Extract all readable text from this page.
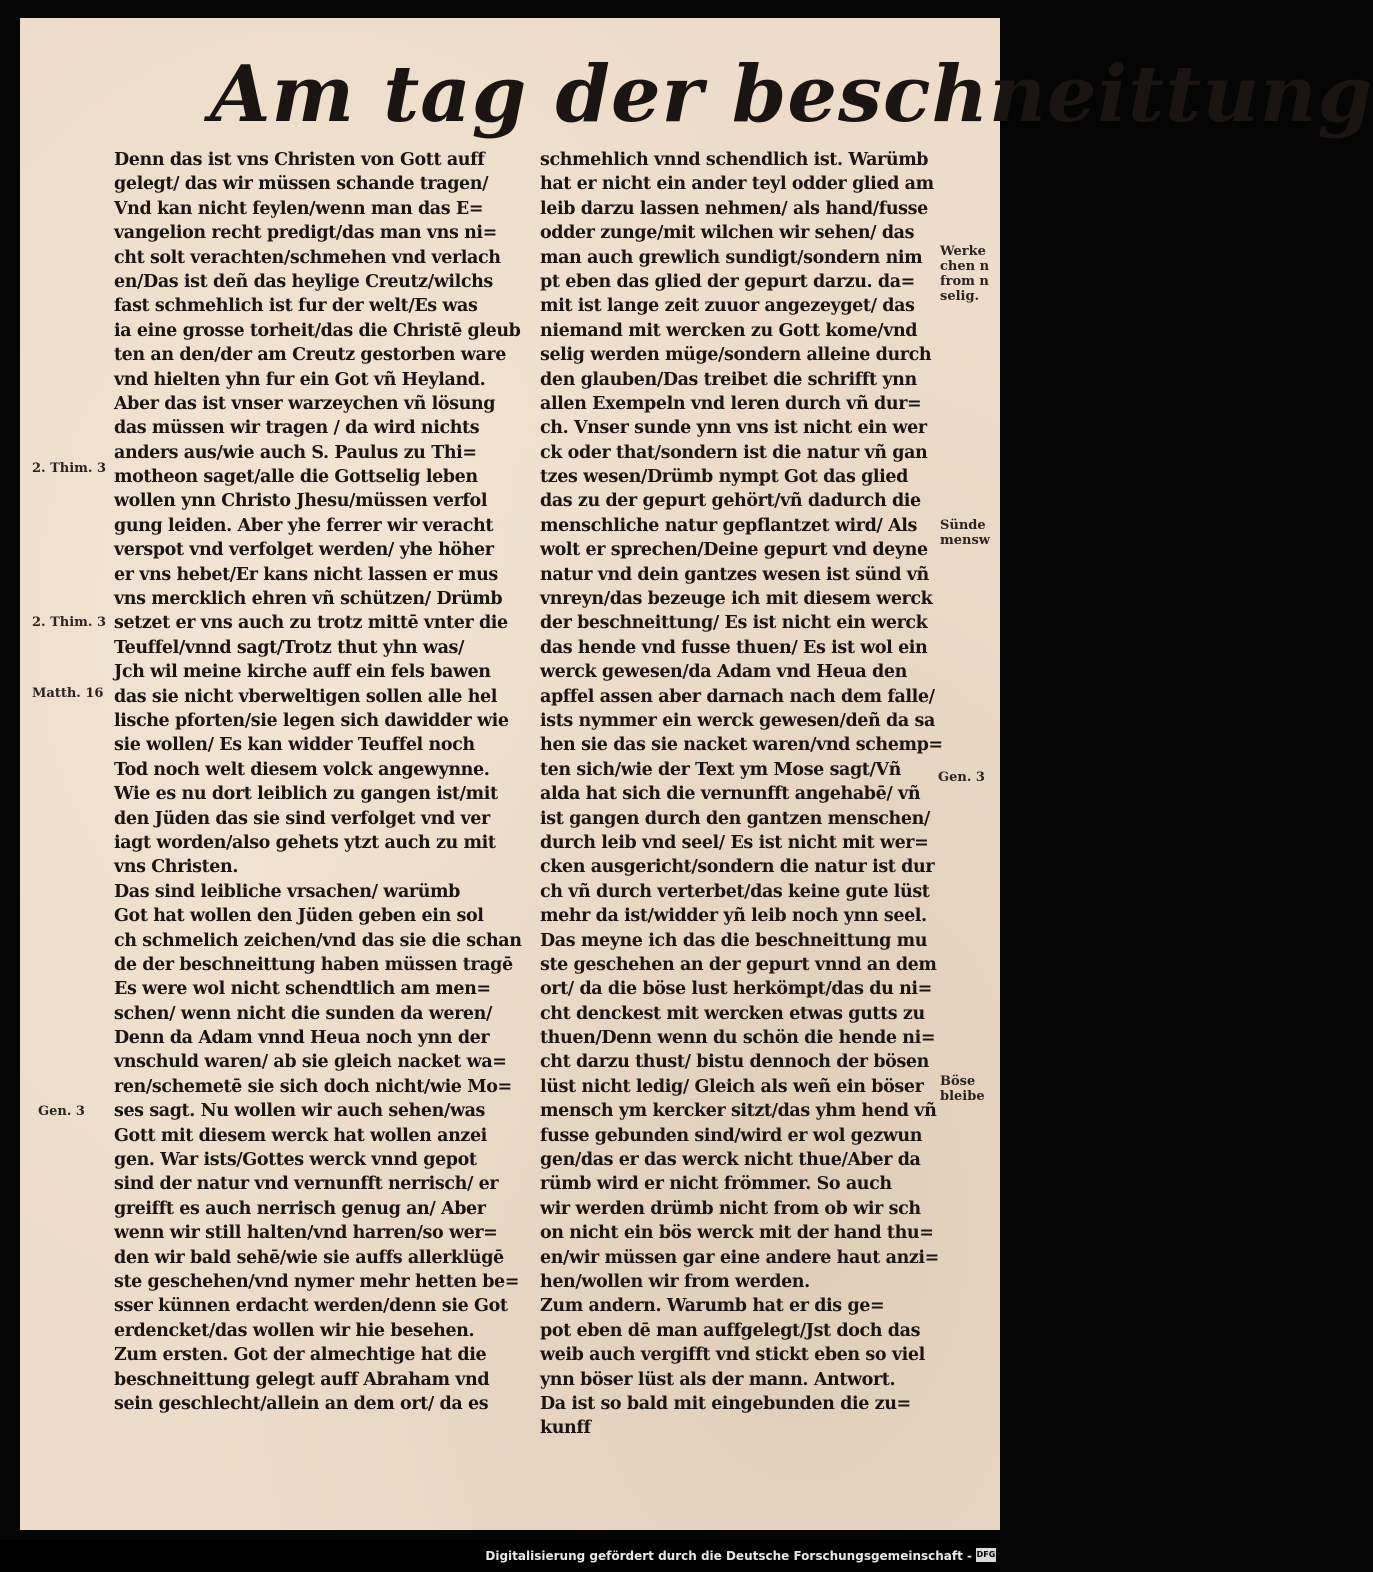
Am tag der beschneittung
Denn das ist vns Christen von Gott auff
gelegt/ das wir müssen schande tragen/
Vnd kan nicht feylen/wenn man das E=
vangelion recht predigt/das man vns ni=
cht solt verachten/schmehen vnd verlach
en/Das ist deñ das heylige Creutz/wilchs
fast schmehlich ist fur der welt/Es was
ia eine grosse torheit/das die Christē gleub
ten an den/der am Creutz gestorben ware
vnd hielten yhn fur ein Got vñ Heyland.
Aber das ist vnser warzeychen vñ lösung
das müssen wir tragen / da wird nichts
anders aus/wie auch S. Paulus zu Thi=
motheon saget/alle die Gottselig leben
wollen ynn Christo Jhesu/müssen verfol
gung leiden. Aber yhe ferrer wir veracht
verspot vnd verfolget werden/ yhe höher
er vns hebet/Er kans nicht lassen er mus
vns mercklich ehren vñ schützen/ Drümb
setzet er vns auch zu trotz mittē vnter die
Teuffel/vnnd sagt/Trotz thut yhn was/
Jch wil meine kirche auff ein fels bawen
das sie nicht vberweltigen sollen alle hel
lische pforten/sie legen sich dawidder wie
sie wollen/ Es kan widder Teuffel noch
Tod noch welt diesem volck angewynne.
Wie es nu dort leiblich zu gangen ist/mit
den Jüden das sie sind verfolget vnd ver
iagt worden/also gehets ytzt auch zu mit
vns Christen.
Das sind leibliche vrsachen/ warümb
Got hat wollen den Jüden geben ein sol
ch schmelich zeichen/vnd das sie die schan
de der beschneittung haben müssen tragē
Es were wol nicht schendtlich am men=
schen/ wenn nicht die sunden da weren/
Denn da Adam vnnd Heua noch ynn der
vnschuld waren/ ab sie gleich nacket wa=
ren/schemetē sie sich doch nicht/wie Mo=
ses sagt. Nu wollen wir auch sehen/was
Gott mit diesem werck hat wollen anzei
gen. War ists/Gottes werck vnnd gepot
sind der natur vnd vernunfft nerrisch/ er
greifft es auch nerrisch genug an/ Aber
wenn wir still halten/vnd harren/so wer=
den wir bald sehē/wie sie auffs allerklügē
ste geschehen/vnd nymer mehr hetten be=
sser künnen erdacht werden/denn sie Got
erdencket/das wollen wir hie besehen.
Zum ersten. Got der almechtige hat die
beschneittung gelegt auff Abraham vnd
sein geschlecht/allein an dem ort/ da es
schmehlich vnnd schendlich ist. Warümb
hat er nicht ein ander teyl odder glied am
leib darzu lassen nehmen/ als hand/fusse
odder zunge/mit wilchen wir sehen/ das
man auch grewlich sundigt/sondern nim
pt eben das glied der gepurt darzu. da=
mit ist lange zeit zuuor angezeyget/ das
niemand mit wercken zu Gott kome/vnd
selig werden müge/sondern alleine durch
den glauben/Das treibet die schrifft ynn
allen Exempeln vnd leren durch vñ dur=
ch. Vnser sunde ynn vns ist nicht ein wer
ck oder that/sondern ist die natur vñ gan
tzes wesen/Drümb nympt Got das glied
das zu der gepurt gehört/vñ dadurch die
menschliche natur gepflantzet wird/ Als
wolt er sprechen/Deine gepurt vnd deyne
natur vnd dein gantzes wesen ist sünd vñ
vnreyn/das bezeuge ich mit diesem werck
der beschneittung/ Es ist nicht ein werck
das hende vnd fusse thuen/ Es ist wol ein
werck gewesen/da Adam vnd Heua den
apffel assen aber darnach nach dem falle/
ists nymmer ein werck gewesen/deñ da sa
hen sie das sie nacket waren/vnd schemp=
ten sich/wie der Text ym Mose sagt/Vñ
alda hat sich die vernunfft angehabē/ vñ
ist gangen durch den gantzen menschen/
durch leib vnd seel/ Es ist nicht mit wer=
cken ausgericht/sondern die natur ist dur
ch vñ durch verterbet/das keine gute lüst
mehr da ist/widder yñ leib noch ynn seel.
Das meyne ich das die beschneittung mu
ste geschehen an der gepurt vnnd an dem
ort/ da die böse lust herkömpt/das du ni=
cht denckest mit wercken etwas gutts zu
thuen/Denn wenn du schön die hende ni=
cht darzu thust/ bistu dennoch der bösen
lüst nicht ledig/ Gleich als weñ ein böser
mensch ym kercker sitzt/das yhm hend vñ
fusse gebunden sind/wird er wol gezwun
gen/das er das werck nicht thue/Aber da
rümb wird er nicht frömmer. So auch
wir werden drümb nicht from ob wir sch
on nicht ein bös werck mit der hand thu=
en/wir müssen gar eine andere haut anzi=
hen/wollen wir from werden.
Zum andern. Warumb hat er dis ge=
pot eben dē man auffgelegt/Jst doch das
weib auch vergifft vnd stickt eben so viel
ynn böser lüst als der mann. Antwort.
Da ist so bald mit eingebunden die zu=
kunff
2. Thim. 3
2. Thim. 3
Matth. 16
Gen. 3
Werke
chen n
from n
selig.
Sünde
mensw
Gen. 3
Böse
bleibe
Digitalisierung gefördert durch die Deutsche Forschungsgemeinschaft - DFG
